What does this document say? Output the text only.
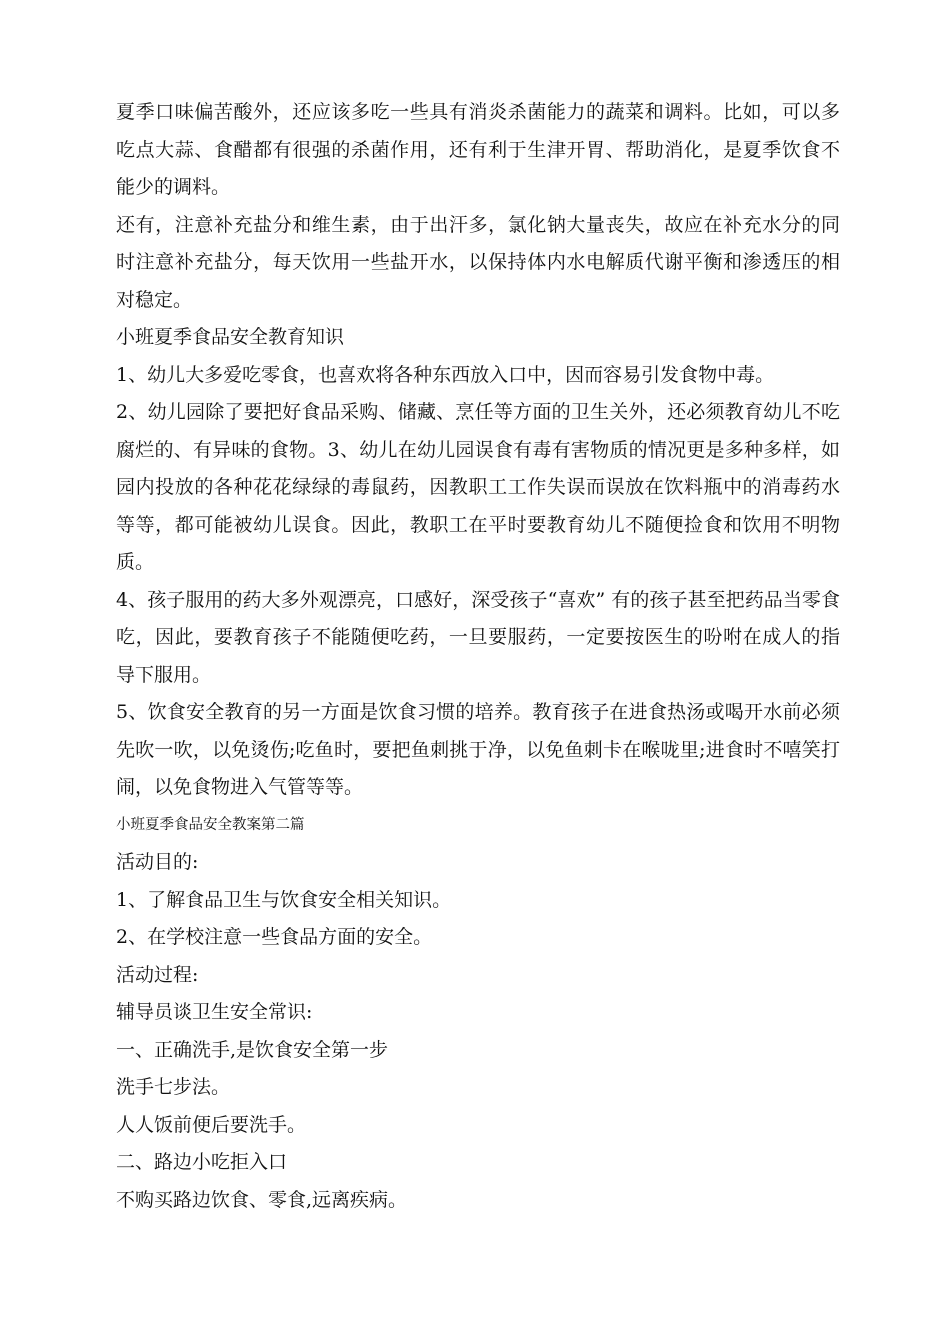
夏季口味偏苦酸外，还应该多吃一些具有消炎杀菌能力的蔬菜和调料。比如，可以多
吃点大蒜、食醋都有很强的杀菌作用，还有利于生津开胃、帮助消化，是夏季饮食不
能少的调料。

还有，注意补充盐分和维生素，由于出汗多，氯化钠大量丧失，故应在补充水分的同
时注意补充盐分，每天饮用一些盐开水，以保持体内水电解质代谢平衡和渗透压的相
对稳定。

小班夏季食品安全教育知识

1、幼儿大多爱吃零食，也喜欢将各种东西放入口中，因而容易引发食物中毒。

2、幼儿园除了要把好食品采购、储藏、烹任等方面的卫生关外，还必须教育幼儿不吃
腐烂的、有异味的食物。3、幼儿在幼儿园误食有毒有害物质的情况更是多种多样，如
园内投放的各种花花绿绿的毒鼠药，因教职工工作失误而误放在饮料瓶中的消毒药水
等等，都可能被幼儿误食。因此，教职工在平时要教育幼儿不随便捡食和饮用不明物
质。

4、孩子服用的药大多外观漂亮，口感好，深受孩子“喜欢” 有的孩子甚至把药品当零食
吃，因此，要教育孩子不能随便吃药，一旦要服药，一定要按医生的吩咐在成人的指
导下服用。

5、饮食安全教育的另一方面是饮食习惯的培养。教育孩子在进食热汤或喝开水前必须
先吹一吹，以免烫伤;吃鱼时，要把鱼刺挑于净，以免鱼刺卡在喉咙里;进食时不嘻笑打
闹，以免食物进入气管等等。

小班夏季食品安全教案第二篇

活动目的:

1、了解食品卫生与饮食安全相关知识。

2、在学校注意一些食品方面的安全。

活动过程:

辅导员谈卫生安全常识:

一、正确洗手,是饮食安全第一步

洗手七步法。

人人饭前便后要洗手。

二、路边小吃拒入口

不购买路边饮食、零食,远离疾病。
